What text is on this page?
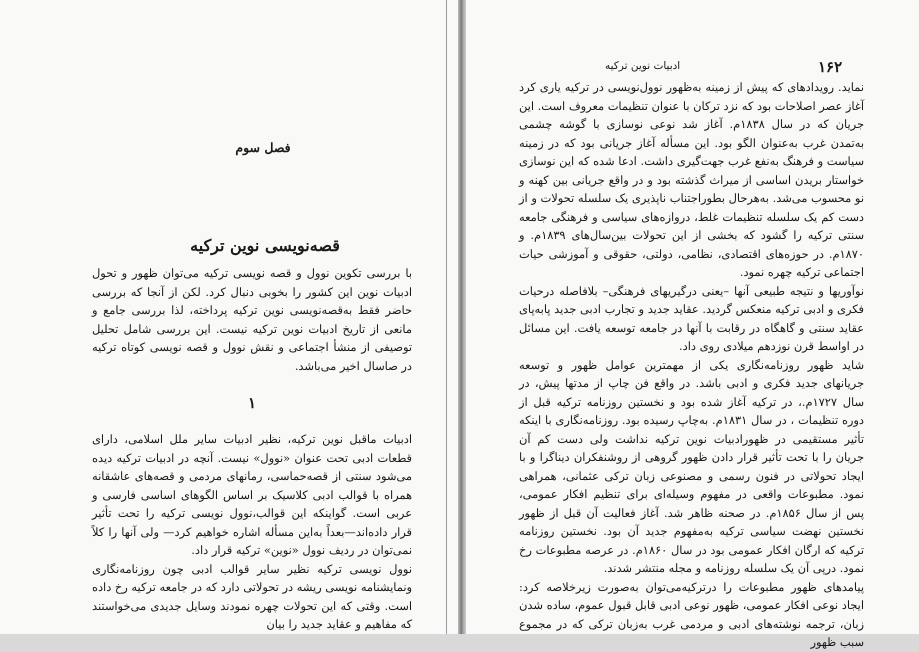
فصل سوم
قصه‌نویسی نوین ترکیه
با بررسی تکوین نوول و قصه نویسی ترکیه می‌توان ظهور و تحول ادبیات نوین این کشور را بخوبی دنبال کرد. لکن از آنجا که بررسی حاضر فقط به‌قصه‌نویسی نوین ترکیه پرداخته، لذا بررسی جامع و مانعی از تاریخ ادبیات نوین ترکیه نیست. این بررسی شامل تحلیل توصیفی از منشأ اجتماعی و نقش نوول و قصه نویسی کوتاه ترکیه در صاسال اخیر می‌باشد.
۱

ادبیات ماقبل نوین ترکیه، نظیر ادبیات سایر ملل اسلامی، دارای قطعات ادبی تحت عنوان «نوول» نیست. آنچه در ادبیات ترکیه دیده می‌شود سنتی از قصه‌حماسی، رمانهای مردمی و قصه‌های عاشقانه همراه با قوالب ادبی کلاسیک بر اساس الگوهای اساسی فارسی و عربی است. گواینکه این قوالب،نوول نویسی ترکیه را تحت تأثیر قرار داده‌اند—بعداً به‌این مسأله اشاره خواهیم کرد— ولی آنها را کلاً نمی‌توان در ردیف نوول «نوین» ترکیه قرار داد.

نوول نویسی ترکیه نظیر سایر قوالب ادبی چون روزنامه‌نگاری ونمایشنامه‌ نویسی ریشه در تحولاتی دارد که در جامعه ترکیه رخ داده است. وقتی که این تحولات چهره نمودند وسایل جدیدی می‌خواستند که مفاهیم و عقاید جدید را بیان

۱۶۲
ادبیات نوین ترکیه

نماید. رویدادهای که پیش از زمینه به‌ظهور نوول‌نویسی در ترکیه یاری کرد آغاز عصر اصلاحات بود که نزد ترکان با عنوان تنظیمات معروف است. این جریان که در سال ۱۸۳۸م. آغاز شد نوعی نوسازی با گوشه چشمی به‌تمدن غرب به‌عنوان الگو بود. این مسأله آغاز جریانی بود که در زمینه سیاست و فرهنگ به‌نفع غرب جهت‌گیری داشت. ادعا شده که این نوسازی خواستار بریدن اساسی از میراث گذشته بود و در واقع جریانی بین کهنه‌ و نو محسوب می‌شد. به‌هرحال بطوراجتناب‌ ناپذیری یک سلسله تحولات و از دست کم یک سلسله تنظیمات غلط، دروازه‌های سیاسی و فرهنگی جامعه سنتی ترکیه را گشود که بخشی از این تحولات بین‌سال‌های ۱۸۳۹م. و ۱۸۷۰م. در حوزه‌های اقتصادی، نظامی، دولتی، حقوقی و آموزشی حیات اجتماعی ترکیه چهره نمود.

نوآوریها و نتیجه طبیعی آنها –یعنی درگیریهای فرهنگی– بلافاصله درحیات فکری و ادبی ترکیه منعکس گردید. عقاید جدید و تجارب ادبی جدید پابه‌پای عقاید سنتی و گاهگاه در رقابت با آنها در جامعه توسعه یافت. این مسائل در اواسط قرن نوزدهم میلادی روی داد.

شاید ظهور روزنامه‌نگاری یکی از مهمترین عوامل ظهور و توسعه جریانهای جدید فکری و ادبی باشد. در واقع فن چاپ از مدتها پیش، در سال ۱۷۲۷م.، در ترکیه آغاز شده بود و نخستین روزنامه ترکیه قبل از دوره تنظیمات ، در سال ۱۸۳۱م. به‌چاپ رسیده بود. روزنامه‌نگاری با اینکه تأثیر مستقیمی در ظهورادبیات نوین ترکیه نداشت ولی دست کم آن جریان را با تحت تأثیر قرار دادن ظهور گروهی از روشنفکران دیناگرا و با ایجاد تحولاتی در فنون رسمی و مصنوعی زبان ترکی عثمانی، همراهی نمود. مطبوعات واقعی در مفهوم وسیله‌ای برای تنظیم افکار عمومی، پس از سال ۱۸۵۶م. در صحنه ظاهر شد. آغاز فعالیت آن قبل از ظهور نخستین نهضت سیاسی ترکیه به‌مفهوم جدید آن بود. نخستین روزنامه ترکیه که ارگان افکار عمومی بود در سال ۱۸۶۰م. در عرصه مطبوعات رخ نمود. درپی آن یک سلسله روزنامه و مجله منتشر شدند.

پیامدهای ظهور مطبوعات را درترکیه‌می‌توان به‌صورت زیرخلاصه کرد: ایجاد نوعی افکار عمومی، ظهور نوعی ادبی قابل قبول عموم، ساده شدن زبان، ترجمه نوشته‌های ادبی و مردمی غرب به‌زبان ترکی که در مجموع سبب ظهور
